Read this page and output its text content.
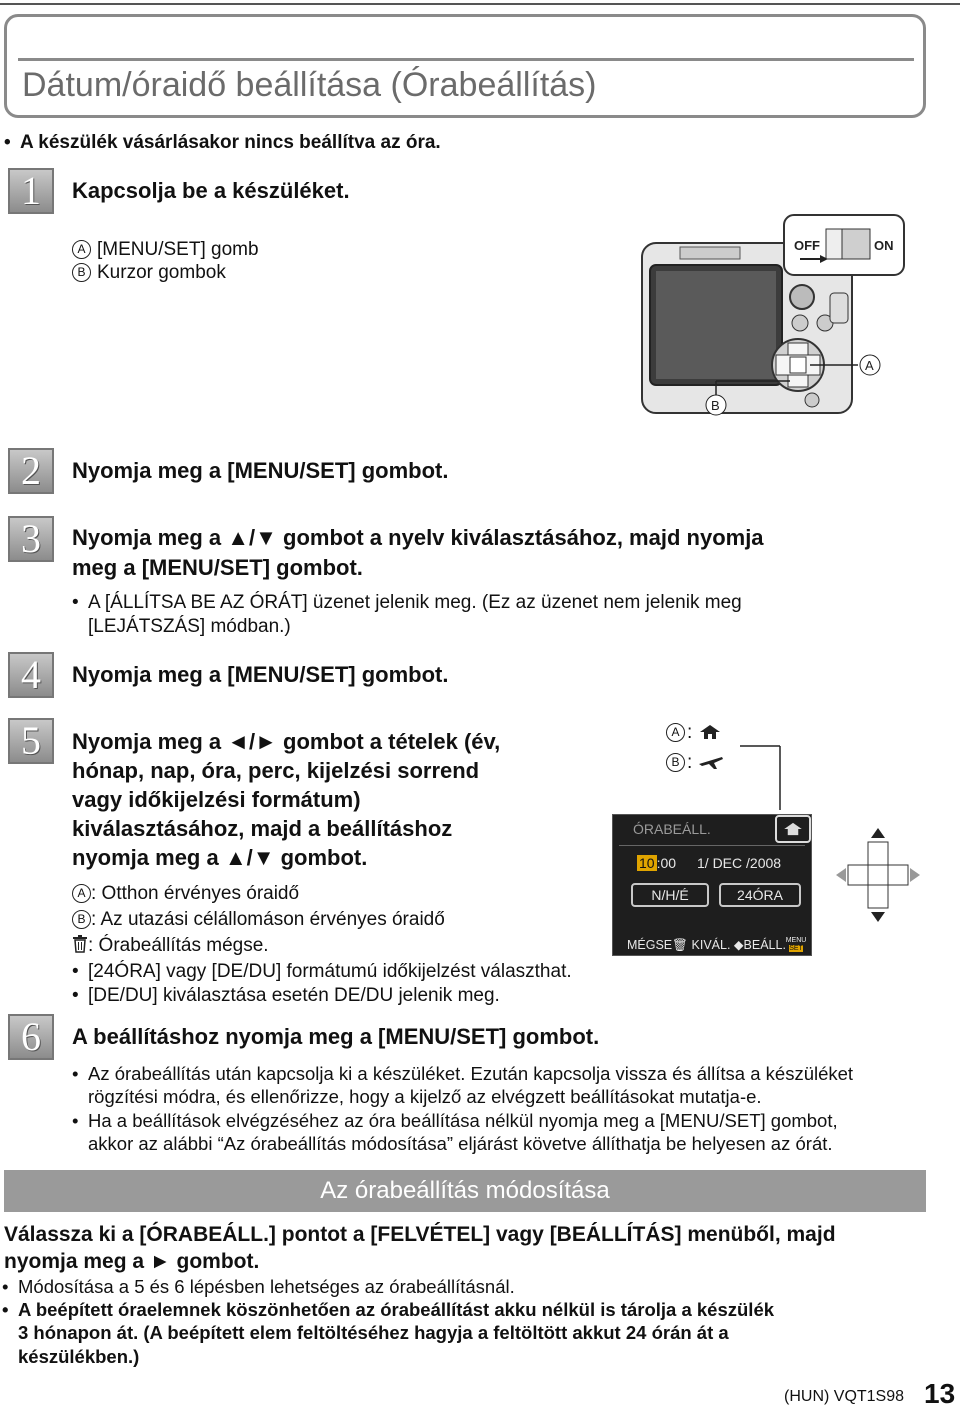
Dátum/óraidő beállítása (Órabeállítás)
• A készülék vásárlásakor nincs beállítva az óra.
1	Kapcsolja be a készüléket.
A [MENU/SET] gomb
B Kurzor gombok
OFF	ON
A
B
2	Nyomja meg a [MENU/SET] gombot.
3	Nyomja meg a ▲/▼ gombot a nyelv kiválasztásához, majd nyomja
meg a [MENU/SET] gombot.
• A [ÁLLÍTSA BE AZ ÓRÁT] üzenet jelenik meg. (Ez az üzenet nem jelenik meg
[LEJÁTSZÁS] módban.)
4	Nyomja meg a [MENU/SET] gombot.
5	Nyomja meg a ◄/► gombot a tételek (év,
hónap, nap, óra, perc, kijelzési sorrend
vagy időkijelzési formátum)
kiválasztásához, majd a beállításhoz
nyomja meg a ▲/▼ gombot.
A : Otthon érvényes óraidő
B : Az utazási célállomáson érvényes óraidő
: Órabeállítás mégse.
• [24ÓRA] vagy [DE/DU] formátumú időkijelzést választhat.
• [DE/DU] kiválasztása esetén DE/DU jelenik meg.
A :
B :
ÓRABEÁLL.
10 :00 1/ DEC /2008
N/H/É	24ÓRA
MÉGSE🗑 KIVÁL. ◆BEÁLL. MENU
SET
6	A beállításhoz nyomja meg a [MENU/SET] gombot.
• Az órabeállítás után kapcsolja ki a készüléket. Ezután kapcsolja vissza és állítsa a készüléket
rögzítési módra, és ellenőrizze, hogy a kijelző az elvégzett beállításokat mutatja-e.
• Ha a beállítások elvégzéséhez az óra beállítása nélkül nyomja meg a [MENU/SET] gombot,
akkor az alábbi “Az órabeállítás módosítása” eljárást követve állíthatja be helyesen az órát.
Az órabeállítás módosítása
Válassza ki a [ÓRABEÁLL.] pontot a [FELVÉTEL] vagy [BEÁLLÍTÁS] menüből, majd
nyomja meg a ► gombot.
• Módosítása a 5 és 6 lépésben lehetséges az órabeállításnál.
• A beépített óraelemnek köszönhetően az órabeállítást akku nélkül is tárolja a készülék
3 hónapon át. (A beépített elem feltöltéséhez hagyja a feltöltött akkut 24 órán át a
készülékben.)
(HUN) VQT1S98 13
